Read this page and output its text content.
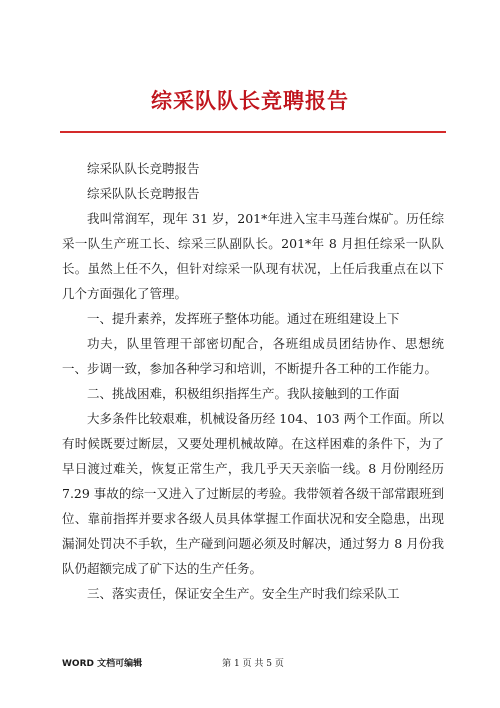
综采队队长竞聘报告

综采队队长竞聘报告

综采队队长竞聘报告

我叫常润军，现年 31 岁，201*年进入宝丰马莲台煤矿。历任综采一队生产班工长、综采三队副队长。201*年 8 月担任综采一队队长。虽然上任不久，但针对综采一队现有状况，上任后我重点在以下几个方面强化了管理。

一、提升素养，发挥班子整体功能。通过在班组建设上下

功夫，队里管理干部密切配合，各班组成员团结协作、思想统一、步调一致，参加各种学习和培训，不断提升各工种的工作能力。

二、挑战困难，积极组织指挥生产。我队接触到的工作面

大多条件比较艰难，机械设备历经 104、103 两个工作面。所以有时候既要过断层，又要处理机械故障。在这样困难的条件下，为了早日渡过难关，恢复正常生产，我几乎天天亲临一线。8 月份刚经历 7.29 事故的综一又进入了过断层的考验。我带领着各级干部常跟班到位、靠前指挥并要求各级人员具体掌握工作面状况和安全隐患，出现漏洞处罚决不手软，生产碰到问题必须及时解决，通过努力 8 月份我队仍超额完成了矿下达的生产任务。

三、落实责任，保证安全生产。安全生产时我们综采队工

WORD 文档可编辑	第 1 页 共 5 页
